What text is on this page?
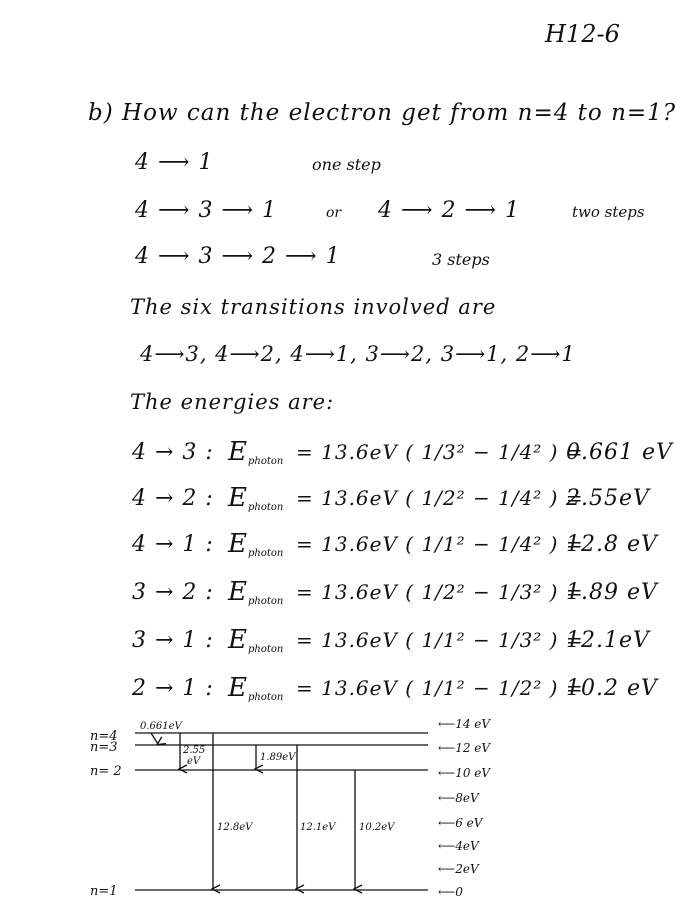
H12-6
b) How can the electron get from n=4 to n=1?
4 ⟶ 1	one step
4 ⟶ 3 ⟶ 1	or 4 ⟶ 2 ⟶ 1	two steps
4 ⟶ 3 ⟶ 2 ⟶ 1	3 steps
The six transitions involved are
4⟶3, 4⟶2, 4⟶1, 3⟶2, 3⟶1, 2⟶1
The energies are:
4 → 3 : E photon = 13.6eV ( 1/3² − 1/4² ) =
0.661 eV
4 → 2 : E photon = 13.6eV ( 1/2² − 1/4² ) =
2.55eV
4 → 1 : E photon = 13.6eV ( 1/1² − 1/4² ) =
12.8 eV
3 → 2 : E photon = 13.6eV ( 1/2² − 1/3² ) =
1.89 eV
3 → 1 : E photon = 13.6eV ( 1/1² − 1/3² ) =
12.1eV
2 → 1 : E photon = 13.6eV ( 1/1² − 1/2² ) =
10.2 eV
n=4
n=3
n= 2
n=1
0.661eV
2.55
eV	1.89eV
12.8eV	12.1eV 10.2eV
⟵14 eV
⟵12 eV
⟵10 eV
⟵8eV
⟵6 eV
⟵4eV
⟵2eV
⟵0
